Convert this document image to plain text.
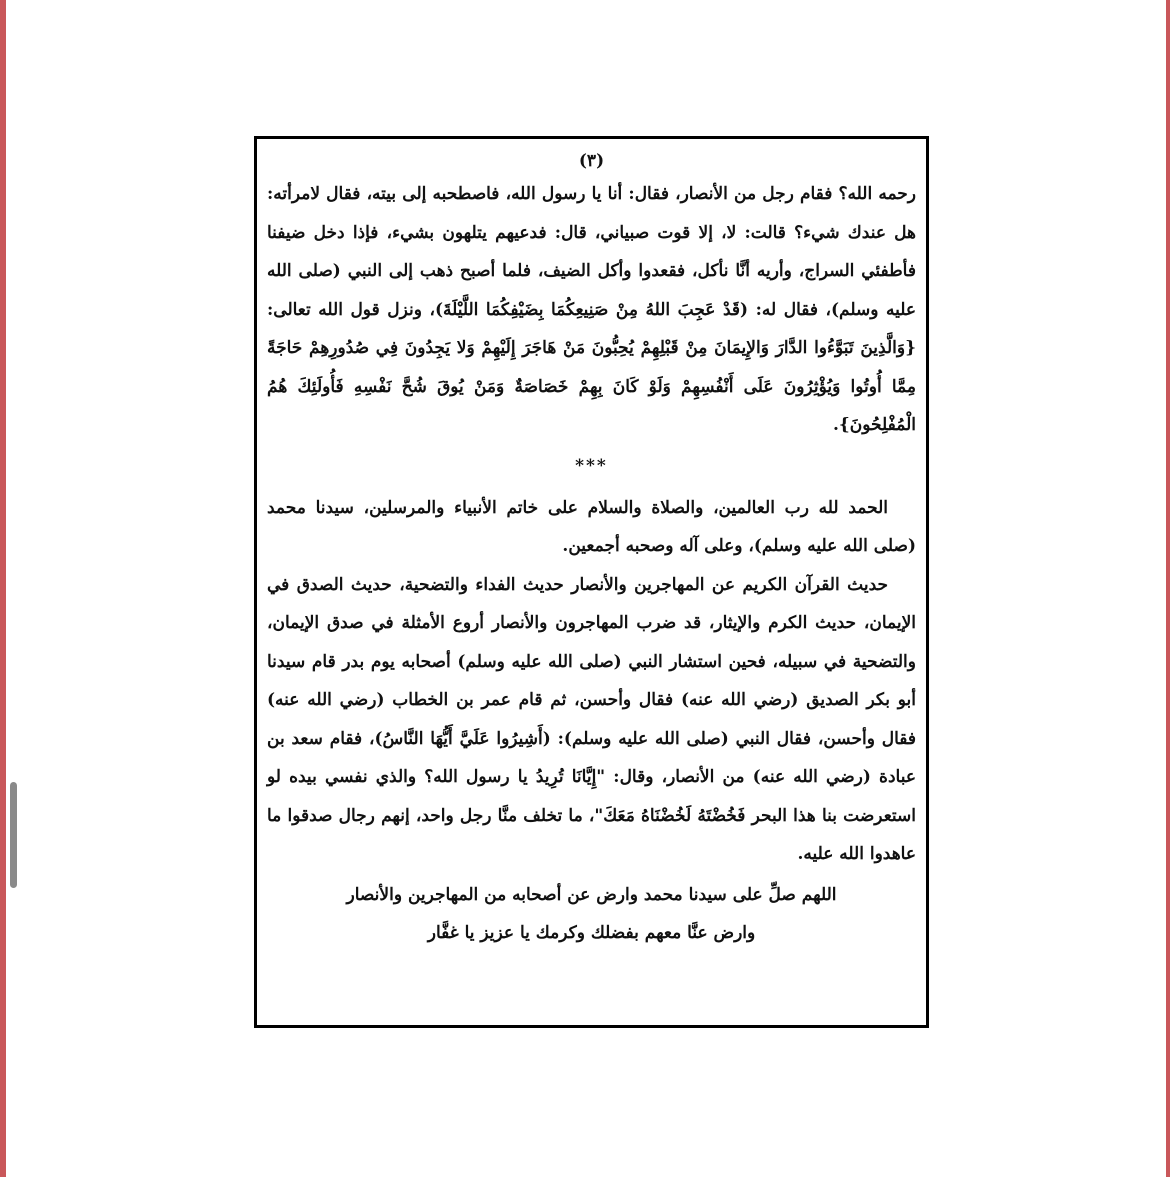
(٣)

رحمه الله؟ فقام رجل من الأنصار، فقال: أنا يا رسول الله، فاصطحبه إلى بيته، فقال لامرأته: هل عندك شيء؟ قالت: لا، إلا قوت صبياني، قال: فدعيهم يتلهون بشيء، فإذا دخل ضيفنا فأطفئي السراج، وأريه أنَّا نأكل، فقعدوا وأكل الضيف، فلما أصبح ذهب إلى النبي (صلى الله عليه وسلم)، فقال له: (قَدْ عَجِبَ اللهُ مِنْ صَنِيعِكُمَا بِضَيْفِكُمَا اللَّيْلَةَ)، ونزل قول الله تعالى: {وَالَّذِينَ تَبَوَّءُوا الدَّارَ وَالإِيمَانَ مِنْ قَبْلِهِمْ يُحِبُّونَ مَنْ هَاجَرَ إِلَيْهِمْ وَلا يَجِدُونَ فِي صُدُورِهِمْ حَاجَةً مِمَّا أُوتُوا وَيُؤْثِرُونَ عَلَى أَنْفُسِهِمْ وَلَوْ كَانَ بِهِمْ خَصَاصَةٌ وَمَنْ يُوقَ شُحَّ نَفْسِهِ فَأُولَئِكَ هُمُ الْمُفْلِحُونَ}.

***

الحمد لله رب العالمين، والصلاة والسلام على خاتم الأنبياء والمرسلين، سيدنا محمد (صلى الله عليه وسلم)، وعلى آله وصحبه أجمعين.

حديث القرآن الكريم عن المهاجرين والأنصار حديث الفداء والتضحية، حديث الصدق في الإيمان، حديث الكرم والإيثار، قد ضرب المهاجرون والأنصار أروع الأمثلة في صدق الإيمان، والتضحية في سبيله، فحين استشار النبي (صلى الله عليه وسلم) أصحابه يوم بدر قام سيدنا أبو بكر الصديق (رضي الله عنه) فقال وأحسن، ثم قام عمر بن الخطاب (رضي الله عنه) فقال وأحسن، فقال النبي (صلى الله عليه وسلم): (أَشِيرُوا عَلَيَّ أَيُّهَا النَّاسُ)، فقام سعد بن عبادة (رضي الله عنه) من الأنصار، وقال: "إِيَّانَا تُرِيدُ يا رسول الله؟ والذي نفسي بيده لو استعرضت بنا هذا البحر فَخُضْتَهُ لَخُضْنَاهُ مَعَكَ"، ما تخلف منَّا رجل واحد، إنهم رجال صدقوا ما عاهدوا الله عليه.

اللهم صلِّ على سيدنا محمد وارض عن أصحابه من المهاجرين والأنصار

وارض عنَّا معهم بفضلك وكرمك يا عزيز يا غفَّار
